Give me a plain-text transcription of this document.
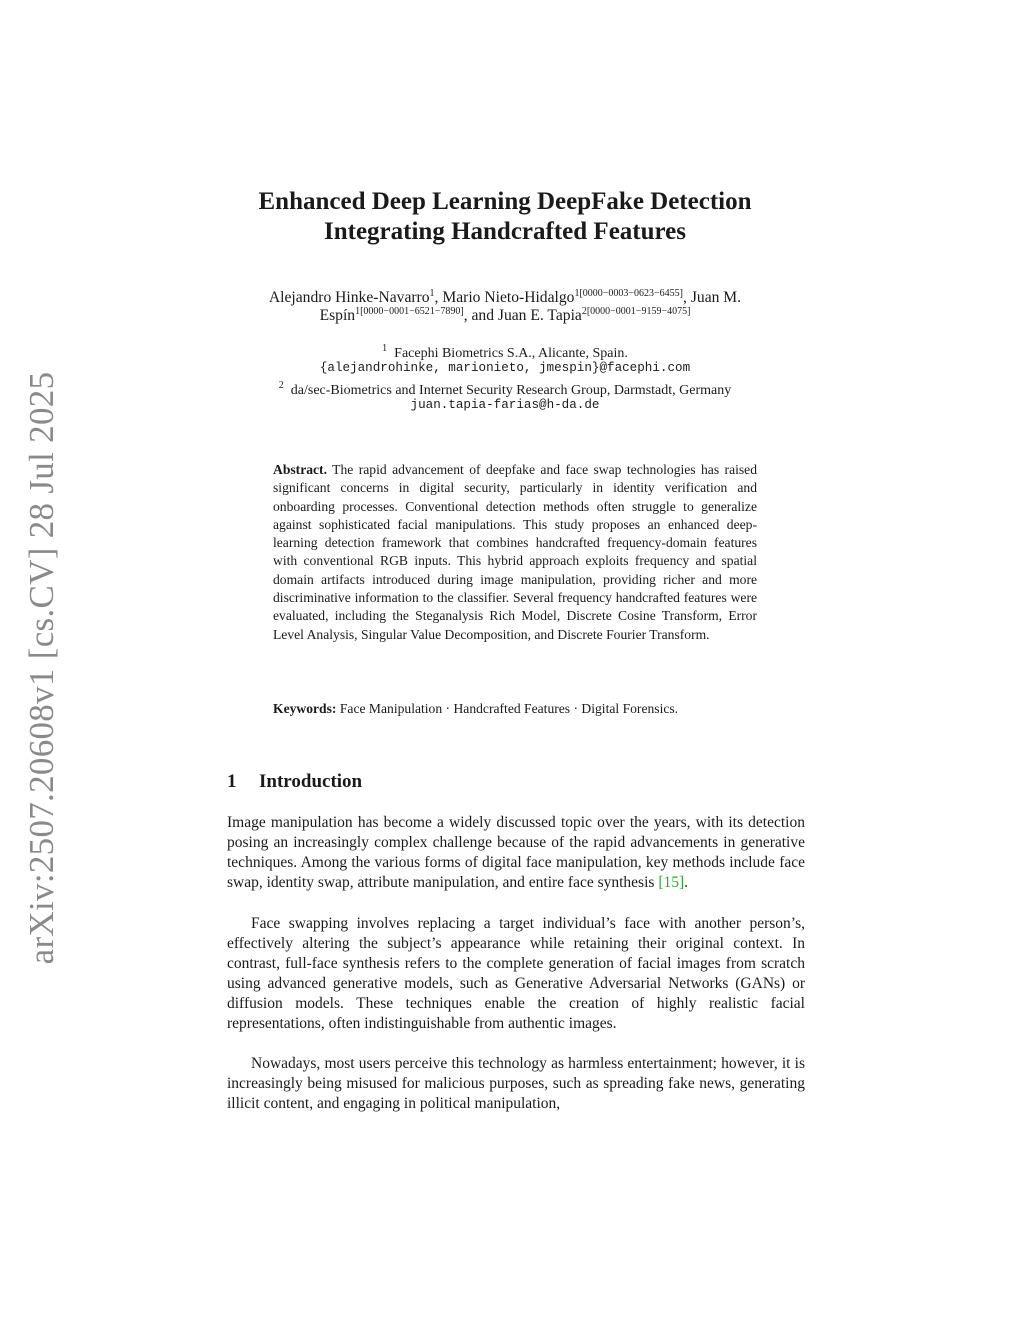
arXiv:2507.20608v1 [cs.CV] 28 Jul 2025
Enhanced Deep Learning DeepFake Detection
Integrating Handcrafted Features
Alejandro Hinke-Navarro$^1$, Mario Nieto-Hidalgo$^{1[0000-0003-0623-6455]}$, Juan M.
Espín$^{1[0000-0001-6521-7890]}$, and Juan E. Tapia$^{2[0000-0001-9159-4075]}$
$^1$ Facephi Biometrics S.A., Alicante, Spain.
{alejandrohinke, marionieto, jmespin}@facephi.com
$^2$ da/sec-Biometrics and Internet Security Research Group, Darmstadt, Germany
juan.tapia-farias@h-da.de

Abstract. The rapid advancement of deepfake and face swap technologies has raised significant concerns in digital security, particularly in identity verification and onboarding processes. Conventional detection methods often struggle to generalize against sophisticated facial manipulations. This study proposes an enhanced deep-learning detection framework that combines handcrafted frequency-domain features with conventional RGB inputs. This hybrid approach exploits frequency and spatial domain artifacts introduced during image manipulation, providing richer and more discriminative information to the classifier. Several frequency handcrafted features were evaluated, including the Steganalysis Rich Model, Discrete Cosine Transform, Error Level Analysis, Singular Value Decomposition, and Discrete Fourier Transform.

Keywords: Face Manipulation · Handcrafted Features · Digital Forensics.

1 Introduction

Image manipulation has become a widely discussed topic over the years, with its detection posing an increasingly complex challenge because of the rapid advancements in generative techniques. Among the various forms of digital face manipulation, key methods include face swap, identity swap, attribute manipulation, and entire face synthesis [15].

Face swapping involves replacing a target individual’s face with another person’s, effectively altering the subject’s appearance while retaining their original context. In contrast, full-face synthesis refers to the complete generation of facial images from scratch using advanced generative models, such as Generative Adversarial Networks (GANs) or diffusion models. These techniques enable the creation of highly realistic facial representations, often indistinguishable from authentic images.

Nowadays, most users perceive this technology as harmless entertainment; however, it is increasingly being misused for malicious purposes, such as spreading fake news, generating illicit content, and engaging in political manipulation,
